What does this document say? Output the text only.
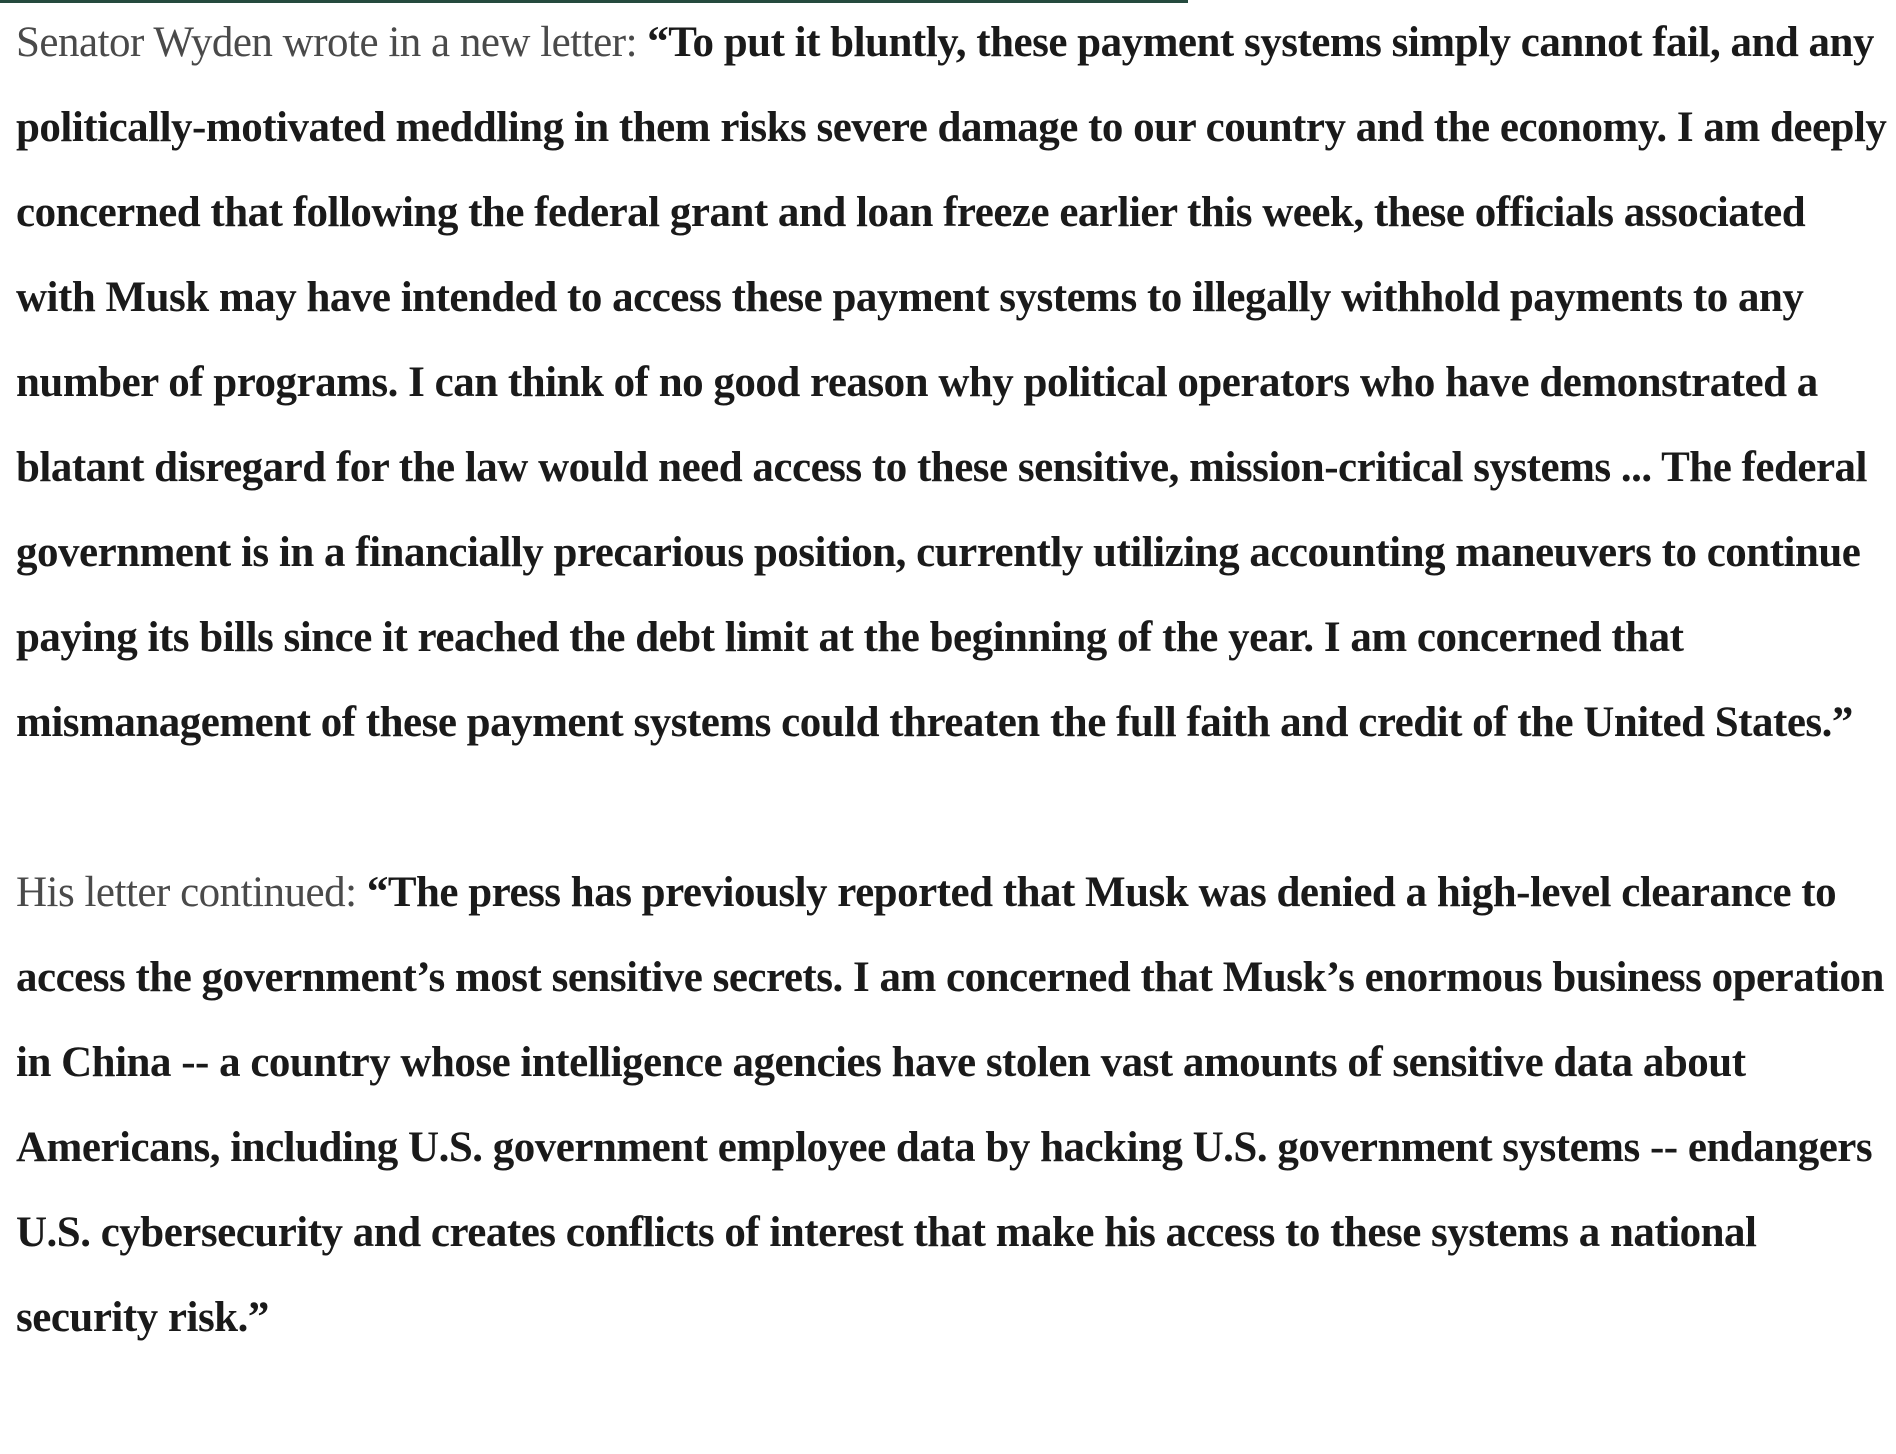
Senator Wyden wrote in a new letter: “To put it bluntly, these payment systems simply cannot fail, and any politically-motivated meddling in them risks severe damage to our country and the economy. I am deeply concerned that following the federal grant and loan freeze earlier this week, these officials associated with Musk may have intended to access these payment systems to illegally withhold payments to any number of programs. I can think of no good reason why political operators who have demonstrated a blatant disregard for the law would need access to these sensitive, mission-critical systems ... The federal government is in a financially precarious position, currently utilizing accounting maneuvers to continue paying its bills since it reached the debt limit at the beginning of the year. I am concerned that mismanagement of these payment systems could threaten the full faith and credit of the United States.”

His letter continued: “The press has previously reported that Musk was denied a high-level clearance to access the government’s most sensitive secrets. I am concerned that Musk’s enormous business operation in China -- a country whose intelligence agencies have stolen vast amounts of sensitive data about Americans, including U.S. government employee data by hacking U.S. government systems -- endangers U.S. cybersecurity and creates conflicts of interest that make his access to these systems a national security risk.”
